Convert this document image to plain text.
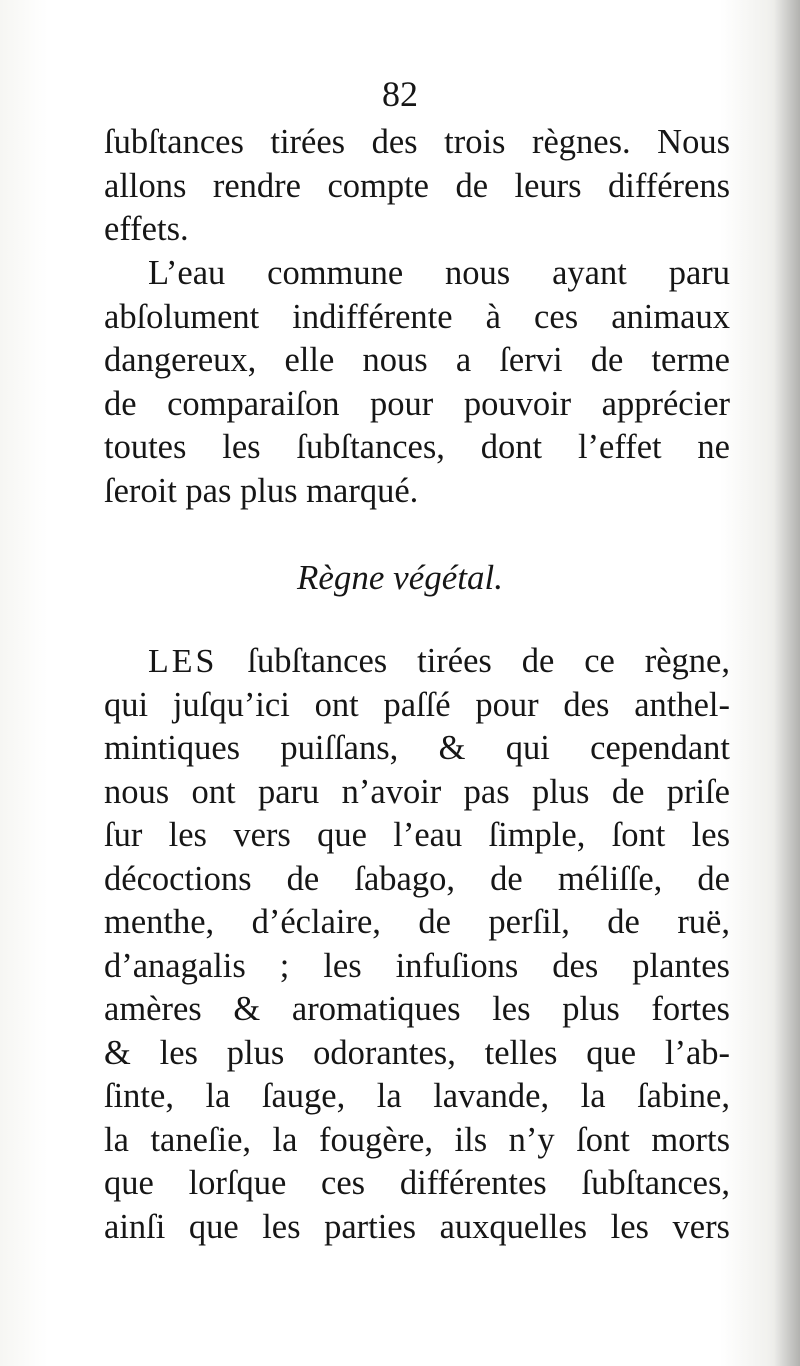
82
ſubſtances tirées des trois règnes. Nous
allons rendre compte de leurs différens
effets.
L’eau commune nous ayant paru
abſolument indifférente à ces animaux
dangereux, elle nous a ſervi de terme
de comparaiſon pour pouvoir apprécier
toutes les ſubſtances, dont l’effet ne
ſeroit pas plus marqué.
Règne végétal.
LES ſubſtances tirées de ce règne,
qui juſqu’ici ont paſſé pour des anthel-
mintiques puiſſans, & qui cependant
nous ont paru n’avoir pas plus de priſe
ſur les vers que l’eau ſimple, ſont les
décoctions de ſabago, de méliſſe, de
menthe, d’éclaire, de perſil, de ruë,
d’anagalis ; les infuſions des plantes
amères & aromatiques les plus fortes
& les plus odorantes, telles que l’ab-
ſinte, la ſauge, la lavande, la ſabine,
la taneſie, la fougère, ils n’y ſont morts
que lorſque ces différentes ſubſtances,
ainſi que les parties auxquelles les vers
